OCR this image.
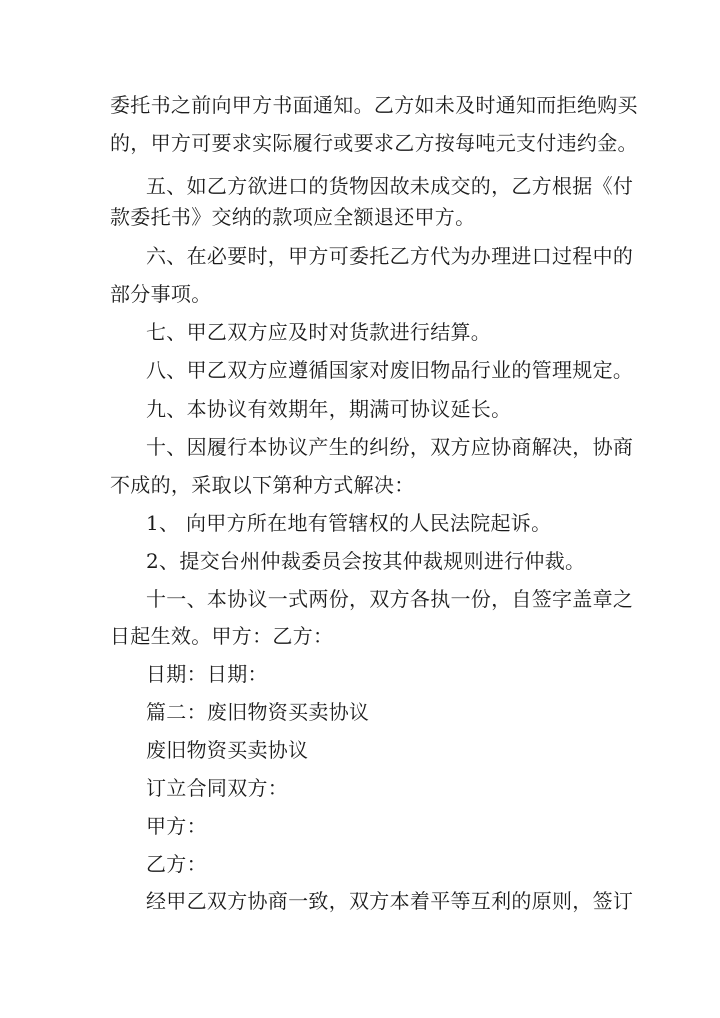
委托书之前向甲方书面通知。乙方如未及时通知而拒绝购买
的，甲方可要求实际履行或要求乙方按每吨元支付违约金。
五、如乙方欲进口的货物因故未成交的，乙方根据《付
款委托书》交纳的款项应全额退还甲方。
六、在必要时，甲方可委托乙方代为办理进口过程中的
部分事项。
七、甲乙双方应及时对货款进行结算。
八、甲乙双方应遵循国家对废旧物品行业的管理规定。
九、本协议有效期年，期满可协议延长。
十、因履行本协议产生的纠纷，双方应协商解决，协商
不成的，采取以下第种方式解决：
1、 向甲方所在地有管辖权的人民法院起诉。
2、提交台州仲裁委员会按其仲裁规则进行仲裁。
十一、本协议一式两份，双方各执一份，自签字盖章之
日起生效。甲方：乙方：
日期：日期：
篇二：废旧物资买卖协议
废旧物资买卖协议
订立合同双方：
甲方：
乙方：
经甲乙双方协商一致，双方本着平等互利的原则，签订
